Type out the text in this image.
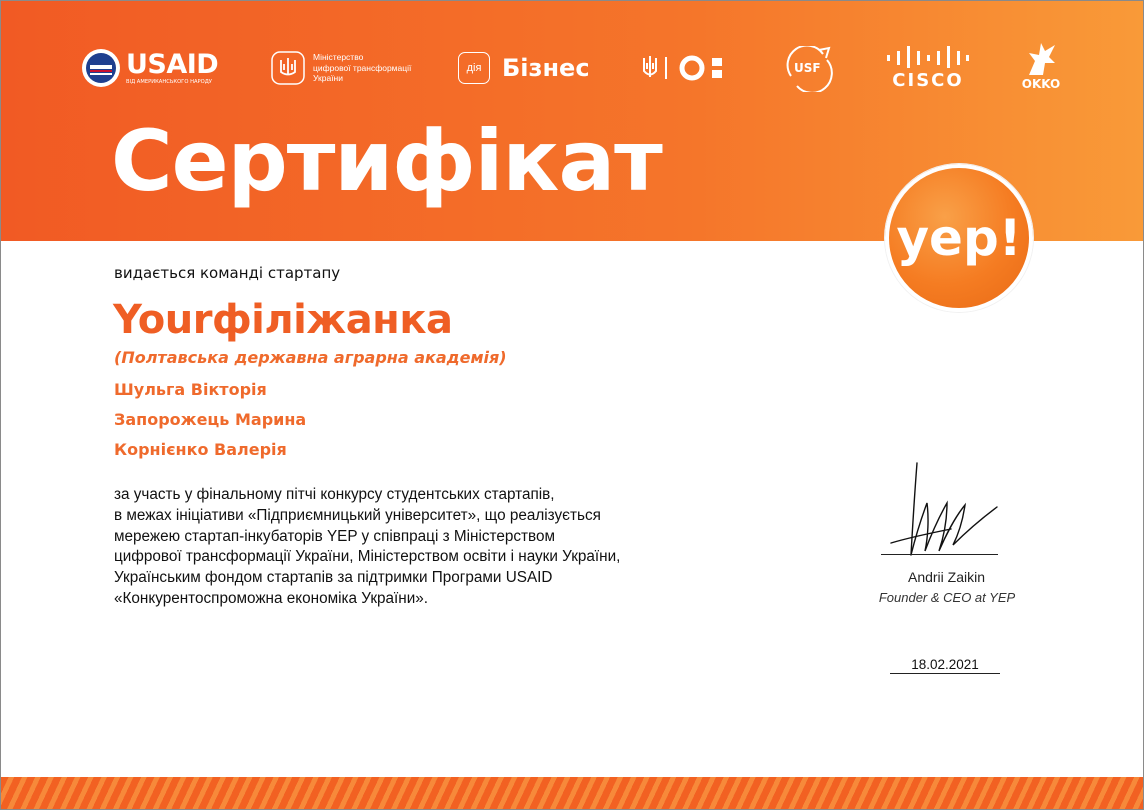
USAID
ВІД АМЕРИКАНСЬКОГО НАРОДУ
Міністерство
цифрової трансформації
України
дія Бізнес	USF
CISCO	OKKO
Сертифікат
yep!
видається команді стартапу
Yourфіліжанка
(Полтавська державна аграрна академія)
Шульга Вікторія
Запорожець Марина
Корнієнко Валерія
за участь у фінальному пітчі конкурсу студентських стартапів,
в межах ініціативи «Підприємницький університет», що реалізується
мережею стартап-інкубаторів YEP у співпраці з Міністерством
цифрової трансформації України, Міністерством освіти і науки України,
Українським фондом стартапів за підтримки Програми USAID
«Конкурентоспроможна економіка України».
Andrii Zaikin
Founder & CEO at YEP
18.02.2021
